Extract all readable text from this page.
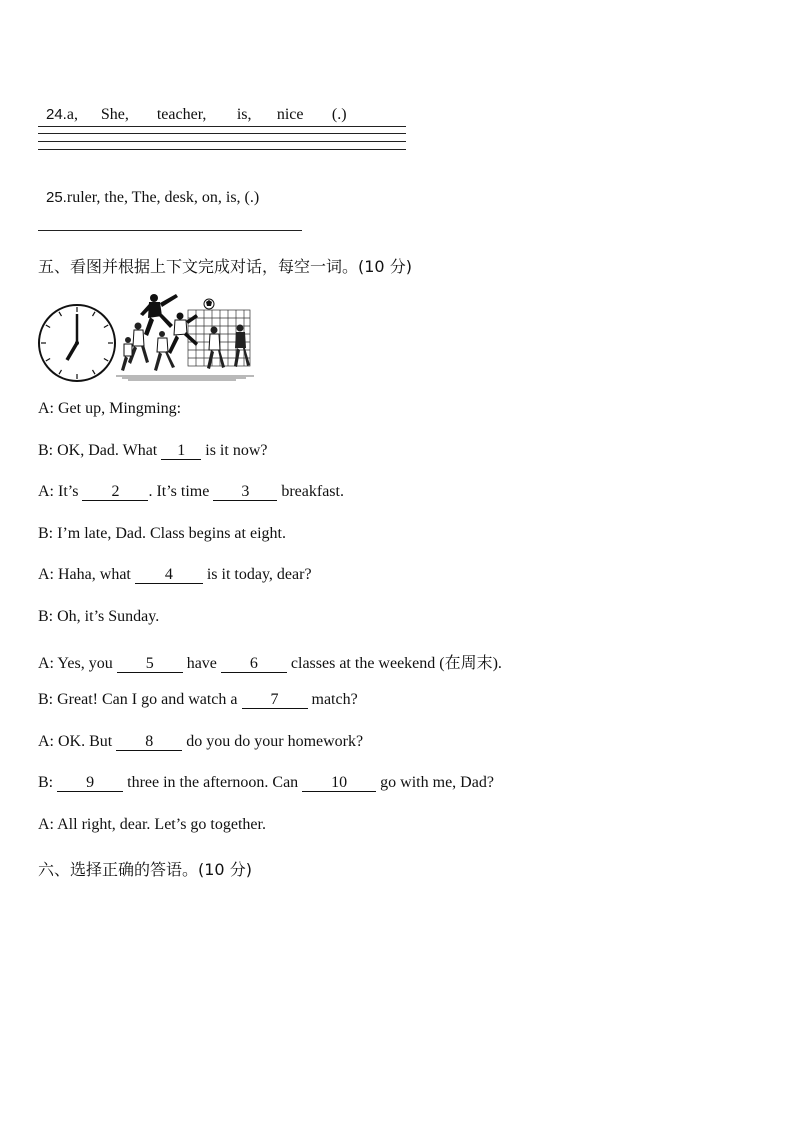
24.a, She, teacher, is, nice (.)

25.ruler, the, The, desk, on, is, (.)

五、看图并根据上下文完成对话，每空一词。(10 分)
A: Get up, Mingming:
B: OK, Dad. What 1 is it now?
A: It’s 2 . It’s time 3 breakfast.
B: I’m late, Dad. Class begins at eight.
A: Haha, what 4 is it today, dear?
B: Oh, it’s Sunday.
A: Yes, you 5 have 6 classes at the weekend (在周末).
B: Great! Can I go and watch a 7 match?
A: OK. But 8 do you do your homework?
B: 9 three in the afternoon. Can 10 go with me, Dad?
A: All right, dear. Let’s go together.
六、选择正确的答语。(10 分)
